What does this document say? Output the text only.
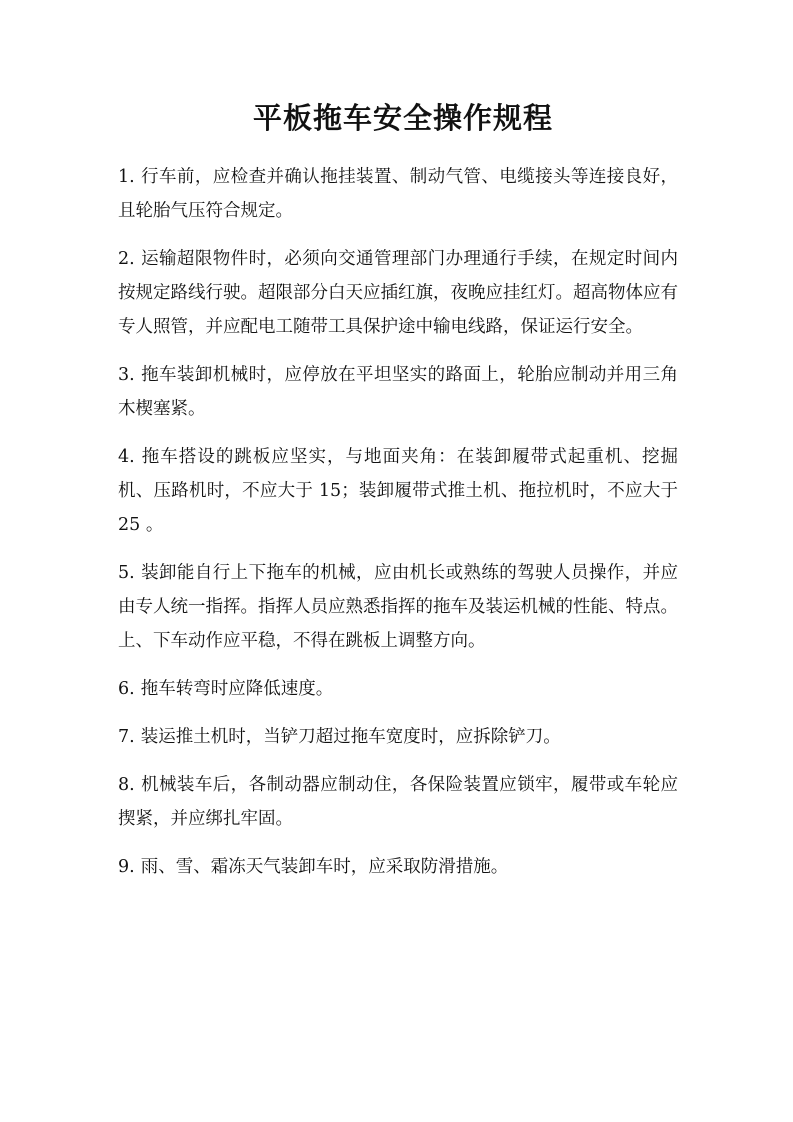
平板拖车安全操作规程

1. 行车前，应检查并确认拖挂装置、制动气管、电缆接头等连接良好，且轮胎气压符合规定。

2. 运输超限物件时，必须向交通管理部门办理通行手续，在规定时间内按规定路线行驶。超限部分白天应插红旗，夜晚应挂红灯。超高物体应有专人照管，并应配电工随带工具保护途中输电线路，保证运行安全。

3. 拖车装卸机械时，应停放在平坦坚实的路面上，轮胎应制动并用三角木楔塞紧。

4. 拖车搭设的跳板应坚实，与地面夹角：在装卸履带式起重机、挖掘机、压路机时，不应大于 15；装卸履带式推土机、拖拉机时，不应大于 25 。

5. 装卸能自行上下拖车的机械，应由机长或熟练的驾驶人员操作，并应由专人统一指挥。指挥人员应熟悉指挥的拖车及装运机械的性能、特点。上、下车动作应平稳，不得在跳板上调整方向。

6. 拖车转弯时应降低速度。

7. 装运推土机时，当铲刀超过拖车宽度时，应拆除铲刀。

8. 机械装车后，各制动器应制动住，各保险装置应锁牢，履带或车轮应揳紧，并应绑扎牢固。

9. 雨、雪、霜冻天气装卸车时，应采取防滑措施。
